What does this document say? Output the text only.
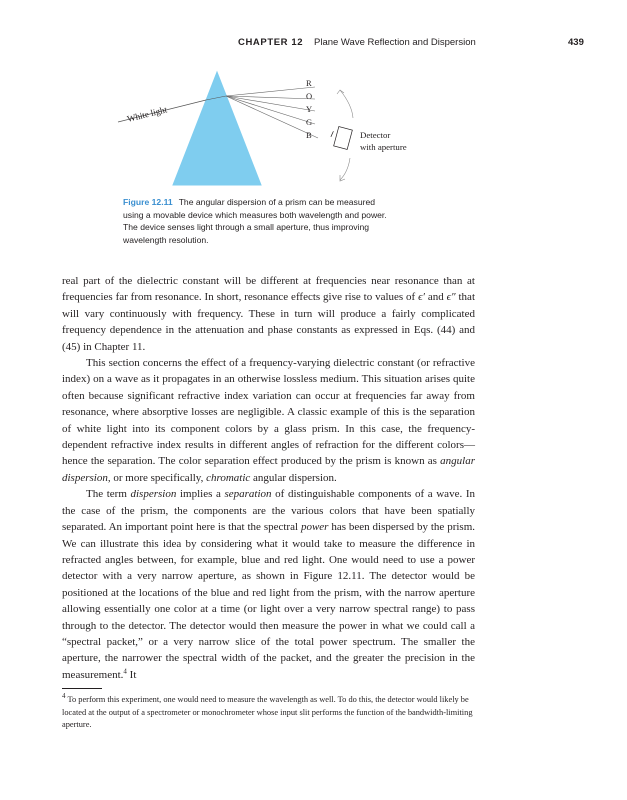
CHAPTER 12 Plane Wave Reflection and Dispersion	439
White light
R
O
Y
G
B	Detector
with aperture
Figure 12.11 The angular dispersion of a prism can be measured using a movable device which measures both wavelength and power. The device senses light through a small aperture, thus improving wavelength resolution.

real part of the dielectric constant will be different at frequencies near resonance than at frequencies far from resonance. In short, resonance effects give rise to values of ϵ′ and ϵ″ that will vary continuously with frequency. These in turn will produce a fairly complicated frequency dependence in the attenuation and phase constants as expressed in Eqs. (44) and (45) in Chapter 11.

This section concerns the effect of a frequency-varying dielectric constant (or refractive index) on a wave as it propagates in an otherwise lossless medium. This situation arises quite often because significant refractive index variation can occur at frequencies far away from resonance, where absorptive losses are negligible. A classic example of this is the separation of white light into its component colors by a glass prism. In this case, the frequency-dependent refractive index results in different angles of refraction for the different colors—hence the separation. The color separation effect produced by the prism is known as angular dispersion, or more specifically, chromatic angular dispersion.

The term dispersion implies a separation of distinguishable components of a wave. In the case of the prism, the components are the various colors that have been spatially separated. An important point here is that the spectral power has been dispersed by the prism. We can illustrate this idea by considering what it would take to measure the difference in refracted angles between, for example, blue and red light. One would need to use a power detector with a very narrow aperture, as shown in Figure 12.11. The detector would be positioned at the locations of the blue and red light from the prism, with the narrow aperture allowing essentially one color at a time (or light over a very narrow spectral range) to pass through to the detector. The detector would then measure the power in what we could call a “spectral packet,” or a very narrow slice of the total power spectrum. The smaller the aperture, the narrower the spectral width of the packet, and the greater the precision in the measurement.$^4$ It

$^4$ To perform this experiment, one would need to measure the wavelength as well. To do this, the detector would likely be located at the output of a spectrometer or monochrometer whose input slit performs the function of the bandwidth-limiting aperture.
